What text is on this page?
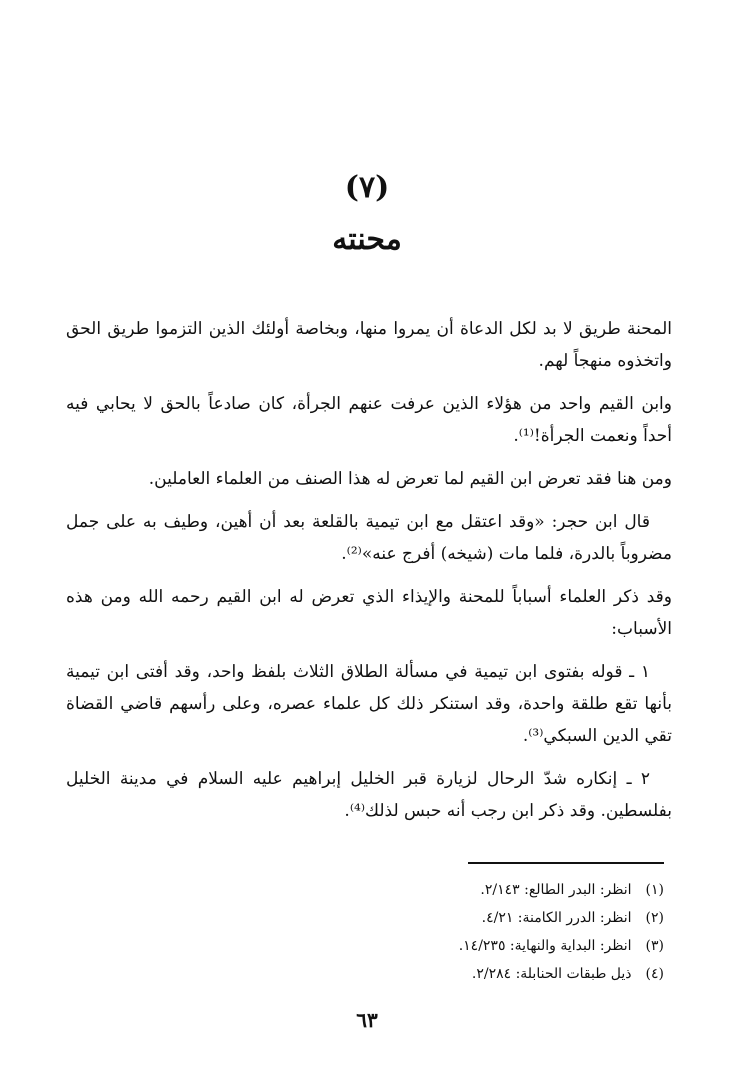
(٧)
محنته

المحنة طريق لا بد لكل الدعاة أن يمروا منها، وبخاصة أولئك الذين التزموا طريق الحق واتخذوه منهجاً لهم.

وابن القيم واحد من هؤلاء الذين عرفت عنهم الجرأة، كان صادعاً بالحق لا يحابي فيه أحداً ونعمت الجرأة!⁽¹⁾.

ومن هنا فقد تعرض ابن القيم لما تعرض له هذا الصنف من العلماء العاملين.

قال ابن حجر: «وقد اعتقل مع ابن تيمية بالقلعة بعد أن أهين، وطيف به على جمل مضروباً بالدرة، فلما مات (شيخه) أفرج عنه»⁽²⁾.

وقد ذكر العلماء أسباباً للمحنة والإيذاء الذي تعرض له ابن القيم رحمه الله ومن هذه الأسباب:

١ ـ قوله بفتوى ابن تيمية في مسألة الطلاق الثلاث بلفظ واحد، وقد أفتى ابن تيمية بأنها تقع طلقة واحدة، وقد استنكر ذلك كل علماء عصره، وعلى رأسهم قاضي القضاة تقي الدين السبكي⁽³⁾.

٢ ـ إنكاره شدّ الرحال لزيارة قبر الخليل إبراهيم عليه السلام في مدينة الخليل بفلسطين. وقد ذكر ابن رجب أنه حبس لذلك⁽⁴⁾.

(١) انظر: البدر الطالع: ٢/١٤٣.
(٢) انظر: الدرر الكامنة: ٤/٢١.
(٣) انظر: البداية والنهاية: ١٤/٢٣٥.
(٤) ذيل طبقات الحنابلة: ٢/٢٨٤.
٦٣
